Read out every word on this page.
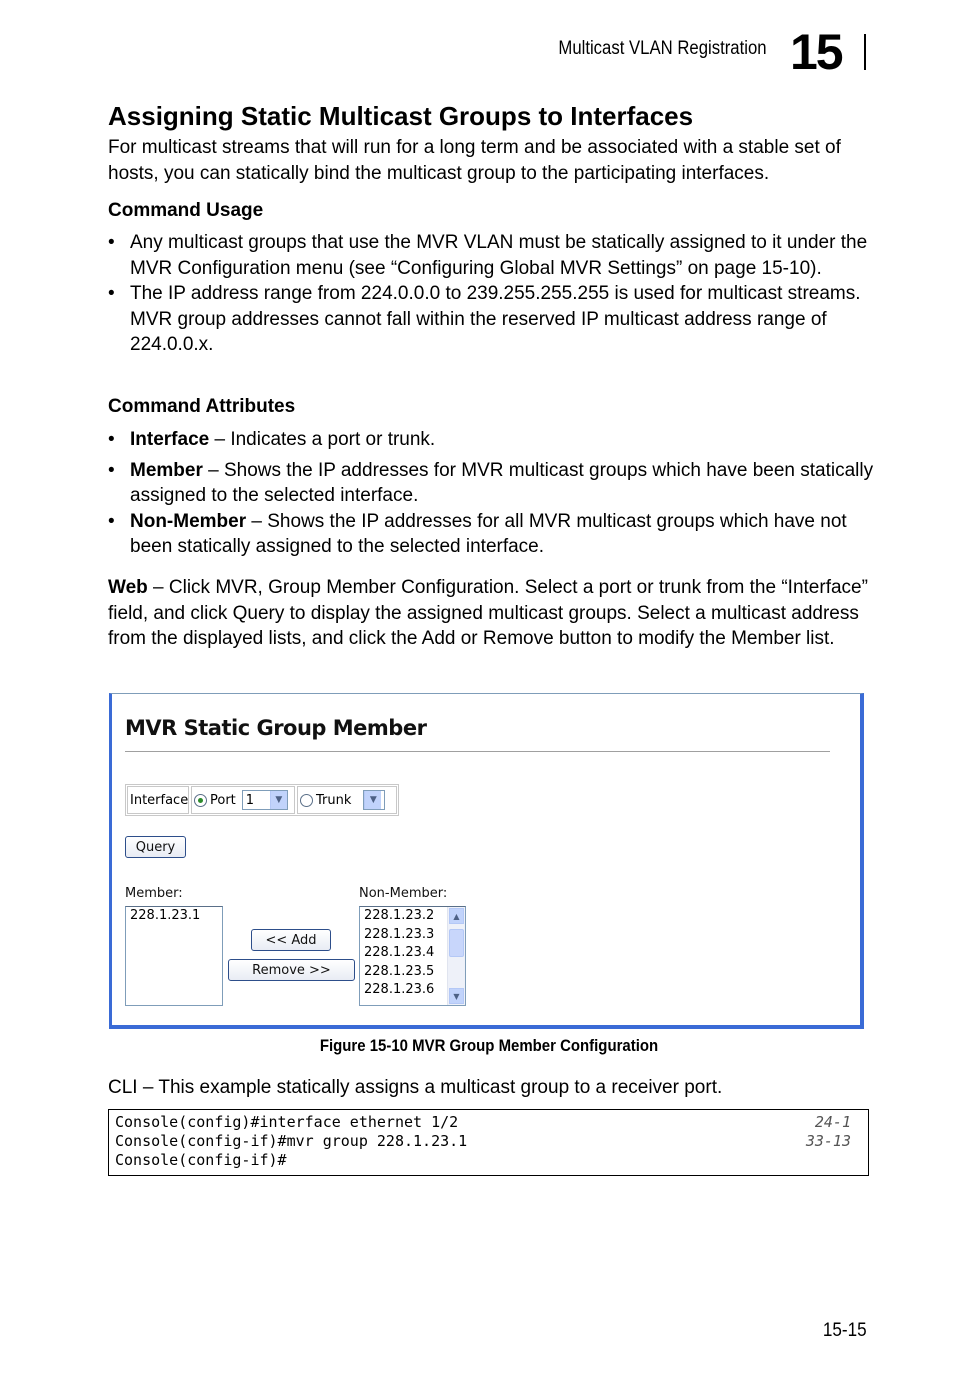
Multicast VLAN Registration 15
Assigning Static Multicast Groups to Interfaces
For multicast streams that will run for a long term and be associated with a stable set of hosts, you can statically bind the multicast group to the participating interfaces.
Command Usage
• Any multicast groups that use the MVR VLAN must be statically assigned to it under the MVR Configuration menu (see “Configuring Global MVR Settings” on page 15-10).
• The IP address range from 224.0.0.0 to 239.255.255.255 is used for multicast streams. MVR group addresses cannot fall within the reserved IP multicast address range of 224.0.0.x.
Command Attributes
• Interface – Indicates a port or trunk.
• Member – Shows the IP addresses for MVR multicast groups which have been statically assigned to the selected interface.
• Non-Member – Shows the IP addresses for all MVR multicast groups which have not been statically assigned to the selected interface.
Web – Click MVR, Group Member Configuration. Select a port or trunk from the “Interface” field, and click Query to display the assigned multicast groups. Select a multicast address from the displayed lists, and click the Add or Remove button to modify the Member list.
MVR Static Group Member
Interface Port 1	▼	Trunk	▼
Query
Member:
228.1.23.1
<< Add
Remove >>
Non-Member:
228.1.23.2
228.1.23.3
228.1.23.4
228.1.23.5
228.1.23.6
▲
▼
Figure 15-10 MVR Group Member Configuration
CLI – This example statically assigns a multicast group to a receiver port.
Console(config)#interface ethernet 1/2	24-1
Console(config-if)#mvr group 228.1.23.1	33-13
Console(config-if)#
15-15
